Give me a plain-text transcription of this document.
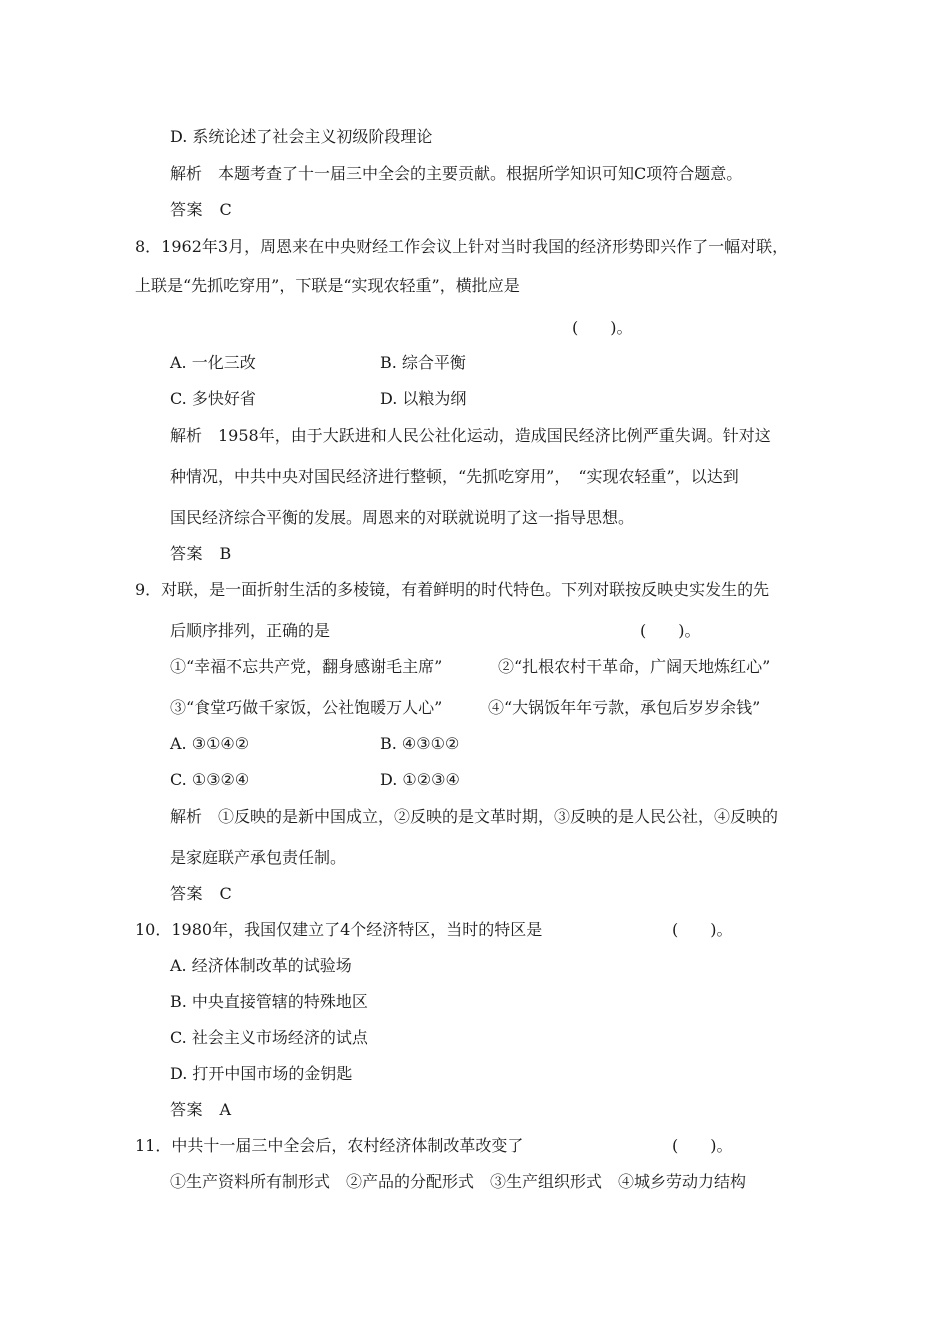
D. 系统论述了社会主义初级阶段理论
解析　本题考查了十一届三中全会的主要贡献。根据所学知识可知C项符合题意。
答案　C
8．1962年3月，周恩来在中央财经工作会议上针对当时我国的经济形势即兴作了一幅对联，
上联是“先抓吃穿用”，下联是“实现农轻重”，横批应是
(　　)。
A. 一化三改	B. 综合平衡
C. 多快好省	D. 以粮为纲
解析　1958年，由于大跃进和人民公社化运动，造成国民经济比例严重失调。针对这
种情况，中共中央对国民经济进行整顿，“先抓吃穿用”，　“实现农轻重”，以达到
国民经济综合平衡的发展。周恩来的对联就说明了这一指导思想。
答案　B
9．对联，是一面折射生活的多棱镜，有着鲜明的时代特色。下列对联按反映史实发生的先
后顺序排列，正确的是	(　　)。
①“幸福不忘共产党，翻身感谢毛主席”	②“扎根农村干革命，广阔天地炼红心”
③“食堂巧做千家饭，公社饱暖万人心”	④“大锅饭年年亏款，承包后岁岁余钱”
A. ③①④②	B. ④③①②
C. ①③②④	D. ①②③④
解析　①反映的是新中国成立，②反映的是文革时期，③反映的是人民公社，④反映的
是家庭联产承包责任制。
答案　C
10．1980年，我国仅建立了4个经济特区，当时的特区是	(　　)。
A. 经济体制改革的试验场
B. 中央直接管辖的特殊地区
C. 社会主义市场经济的试点
D. 打开中国市场的金钥匙
答案　A
11．中共十一届三中全会后，农村经济体制改革改变了	(　　)。
①生产资料所有制形式　②产品的分配形式　③生产组织形式　④城乡劳动力结构
